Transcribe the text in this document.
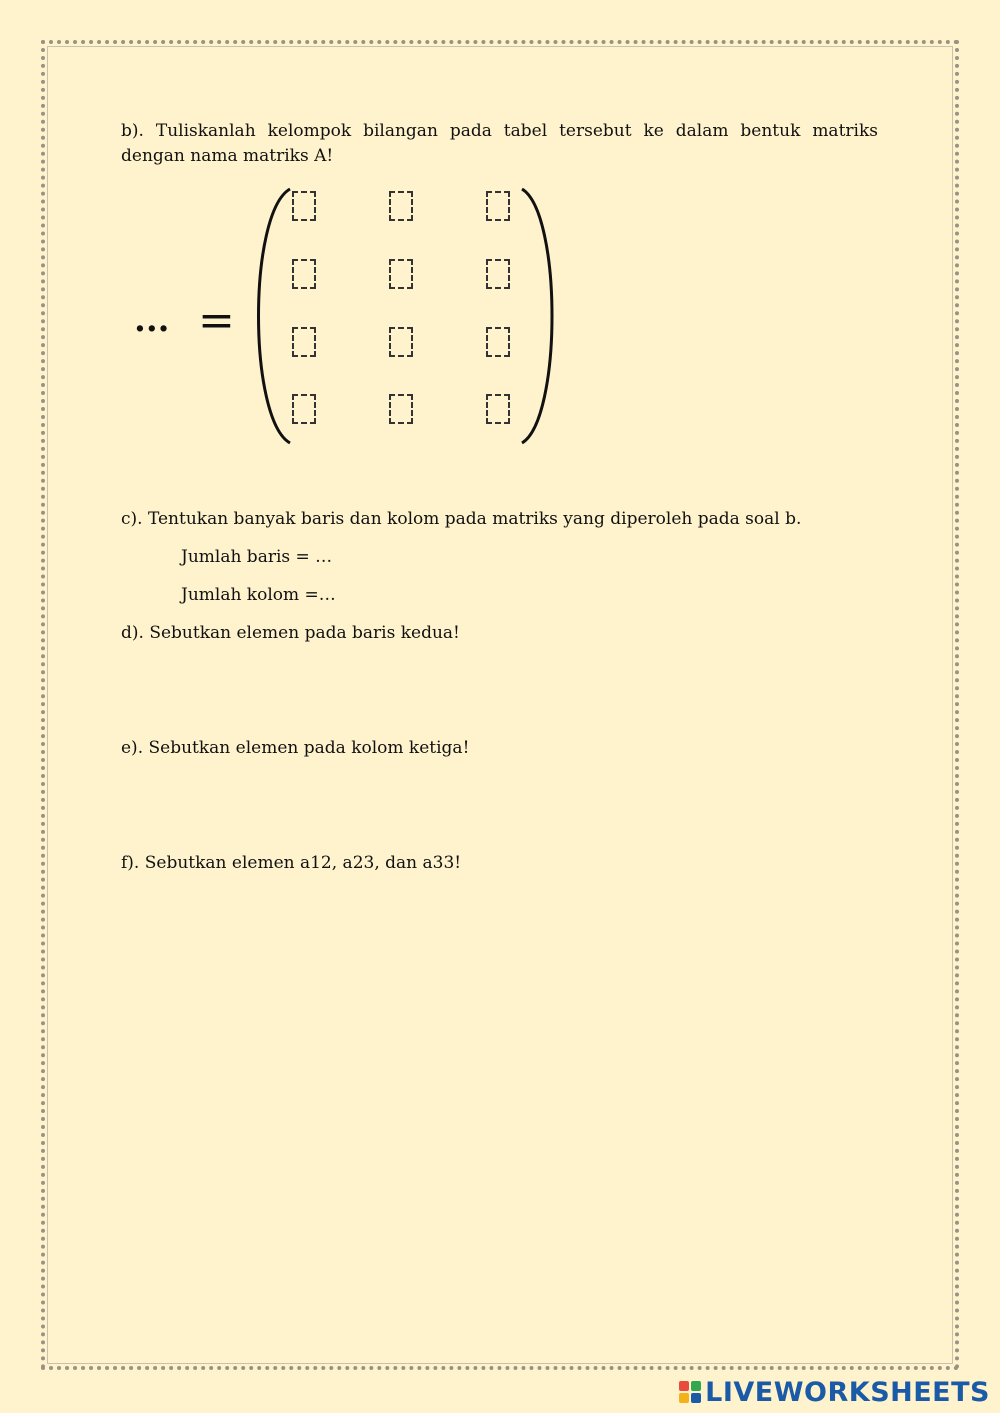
b). Tuliskanlah kelompok bilangan pada tabel tersebut ke dalam bentuk matriks dengan nama matriks A!
... =
c). Tentukan banyak baris dan kolom pada matriks yang diperoleh pada soal b.
Jumlah baris = …
Jumlah kolom =…
d). Sebutkan elemen pada baris kedua!
e). Sebutkan elemen pada kolom ketiga!
f). Sebutkan elemen a12, a23, dan a33!
LIVEWORKSHEETS
